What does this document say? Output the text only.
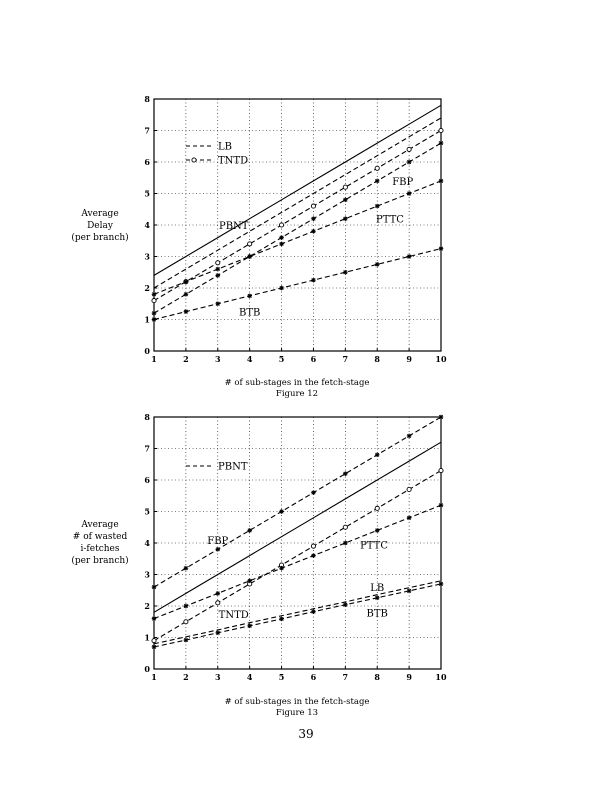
Average
Delay
(per branch)
1	2	3	4	5	6	7	8	9	10
0
1
2
3
4
5
6
7
8
LB
TNTD
PBNT
FBP
PTTC
BTB
# of sub-stages in the fetch-stage
Figure 12
Average
# of wasted
i-fetches
(per branch)
1	2	3	4	5	6	7	8	9	10
0
1
2
3
4
5
6
7
8
PBNT
FBP	PTTC
TNTD
LB
BTB
# of sub-stages in the fetch-stage
Figure 13
39
